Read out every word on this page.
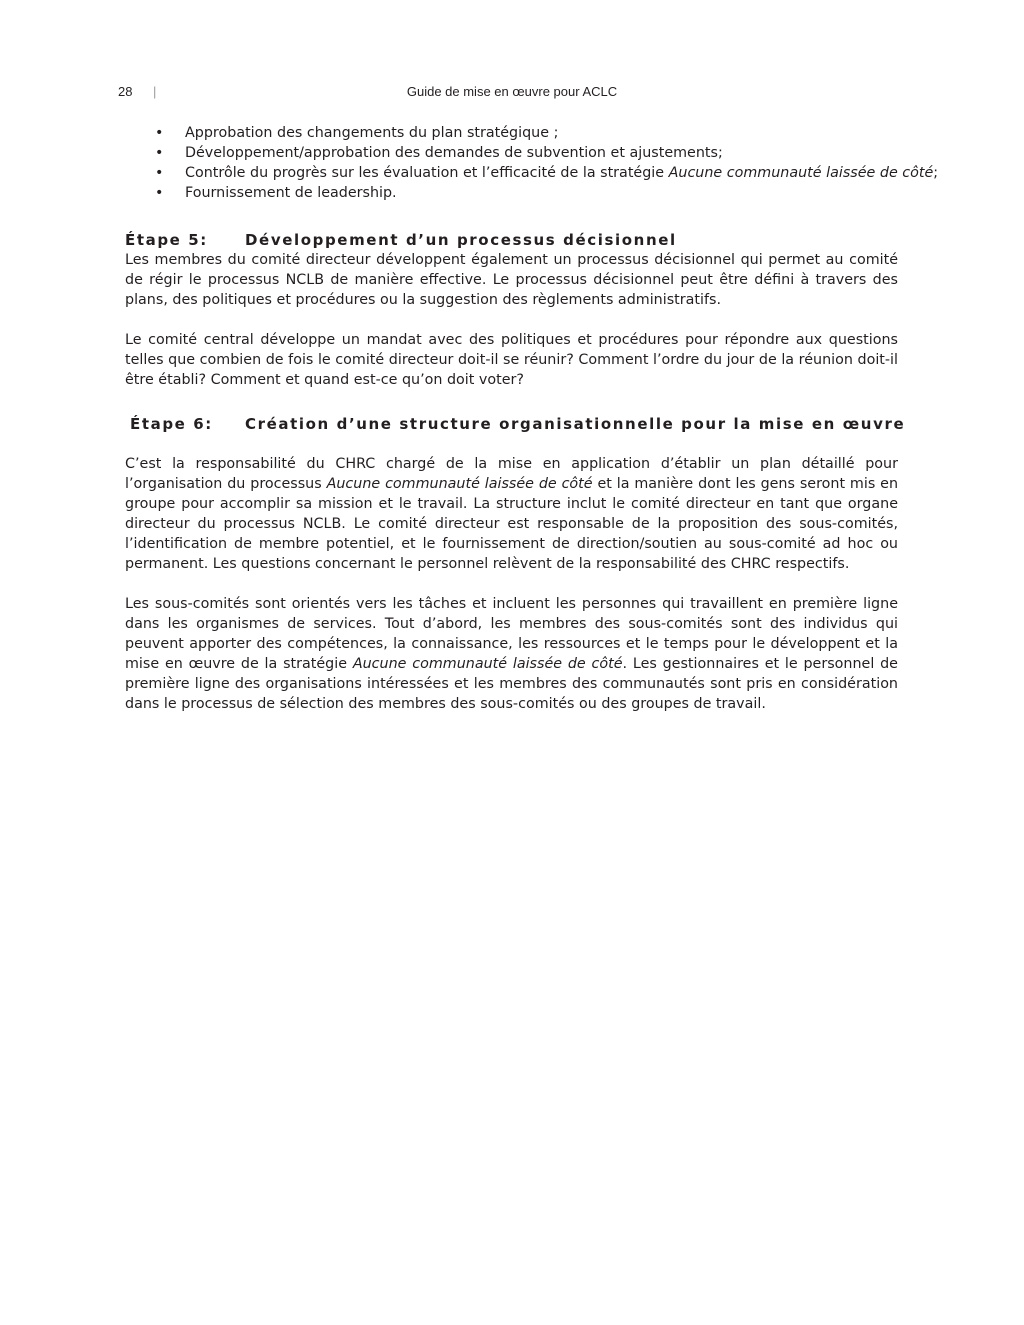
28 |	Guide de mise en œuvre pour ACLC
• Approbation des changements du plan stratégique ;
• Développement/approbation des demandes de subvention et ajustements;
• Contrôle du progrès sur les évaluation et l’efficacité de la stratégie Aucune communauté laissée de côté;
• Fournissement de leadership.
Étape 5: Développement d’un processus décisionnel

Les membres du comité directeur développent également un processus décisionnel qui permet au comité de régir le processus NCLB de manière effective. Le processus décisionnel peut être défini à travers des plans, des politiques et procédures ou la suggestion des règlements administratifs.

Le comité central développe un mandat avec des politiques et procédures pour répondre aux questions telles que combien de fois le comité directeur doit-il se réunir? Comment l’ordre du jour de la réunion doit-il être établi? Comment et quand est-ce qu’on doit voter?

Étape 6: Création d’une structure organisationnelle pour la mise en œuvre

C’est la responsabilité du CHRC chargé de la mise en application d’établir un plan détaillé pour l’organisation du processus Aucune communauté laissée de côté et la manière dont les gens seront mis en groupe pour accomplir sa mission et le travail. La structure inclut le comité directeur en tant que organe directeur du processus NCLB. Le comité directeur est responsable de la proposition des sous-comités, l’identification de membre potentiel, et le fournissement de direction/soutien au sous-comité ad hoc ou permanent. Les questions concernant le personnel relèvent de la responsabilité des CHRC respectifs.

Les sous-comités sont orientés vers les tâches et incluent les personnes qui travaillent en première ligne dans les organismes de services. Tout d’abord, les membres des sous-comités sont des individus qui peuvent apporter des compétences, la connaissance, les ressources et le temps pour le développent et la mise en œuvre de la stratégie Aucune communauté laissée de côté. Les gestionnaires et le personnel de première ligne des organisations intéressées et les membres des communautés sont pris en considération dans le processus de sélection des membres des sous-comités ou des groupes de travail.
